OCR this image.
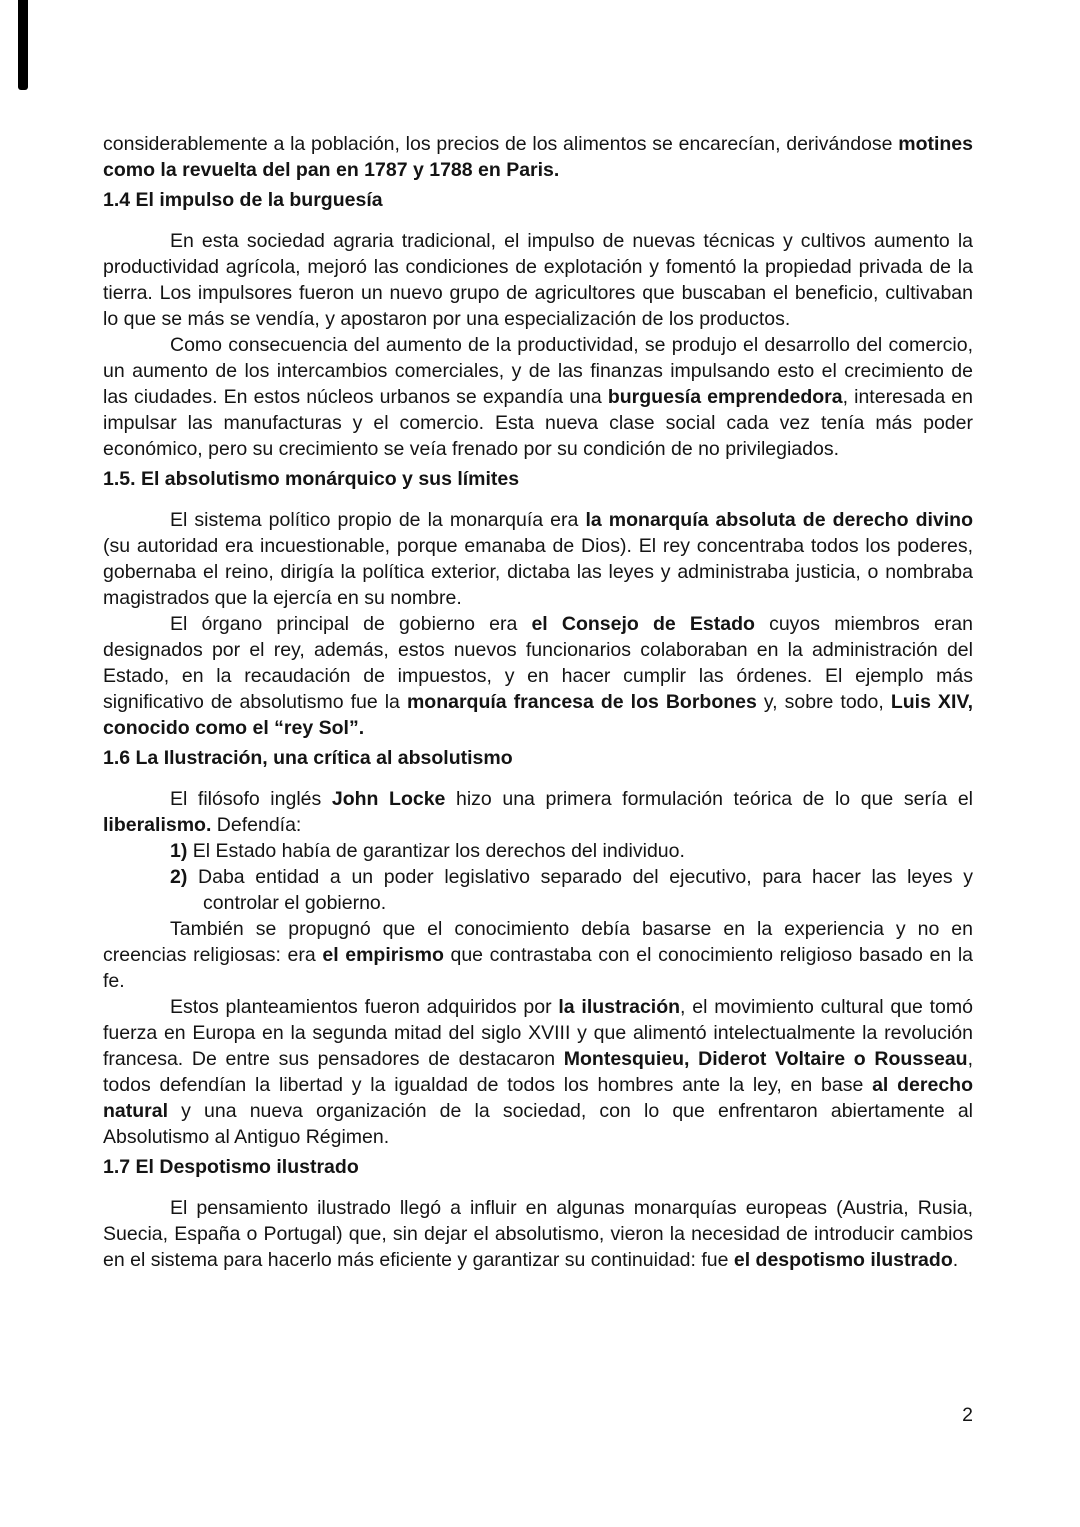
considerablemente a la población, los precios de los alimentos se encarecían, derivándose motines como la revuelta del pan en 1787 y 1788 en Paris.

1.4 El impulso de la burguesía

En esta sociedad agraria tradicional, el impulso de nuevas técnicas y cultivos aumento la productividad agrícola, mejoró las condiciones de explotación y fomentó la propiedad privada de la tierra. Los impulsores fueron un nuevo grupo de agricultores que buscaban el beneficio, cultivaban lo que se más se vendía, y apostaron por una especialización de los productos.

Como consecuencia del aumento de la productividad, se produjo el desarrollo del comercio, un aumento de los intercambios comerciales, y de las finanzas impulsando esto el crecimiento de las ciudades. En estos núcleos urbanos se expandía una burguesía emprendedora, interesada en impulsar las manufacturas y el comercio. Esta nueva clase social cada vez tenía más poder económico, pero su crecimiento se veía frenado por su condición de no privilegiados.

1.5. El absolutismo monárquico y sus límites

El sistema político propio de la monarquía era la monarquía absoluta de derecho divino (su autoridad era incuestionable, porque emanaba de Dios). El rey concentraba todos los poderes, gobernaba el reino, dirigía la política exterior, dictaba las leyes y administraba justicia, o nombraba magistrados que la ejercía en su nombre.

El órgano principal de gobierno era el Consejo de Estado cuyos miembros eran designados por el rey, además, estos nuevos funcionarios colaboraban en la administración del Estado, en la recaudación de impuestos, y en hacer cumplir las órdenes. El ejemplo más significativo de absolutismo fue la monarquía francesa de los Borbones y, sobre todo, Luis XIV, conocido como el “rey Sol”.

1.6 La Ilustración, una crítica al absolutismo

El filósofo inglés John Locke hizo una primera formulación teórica de lo que sería el liberalismo. Defendía:

1) El Estado había de garantizar los derechos del individuo.
2) Daba entidad a un poder legislativo separado del ejecutivo, para hacer las leyes y controlar el gobierno.

También se propugnó que el conocimiento debía basarse en la experiencia y no en creencias religiosas: era el empirismo que contrastaba con el conocimiento religioso basado en la fe.

Estos planteamientos fueron adquiridos por la ilustración, el movimiento cultural que tomó fuerza en Europa en la segunda mitad del siglo XVIII y que alimentó intelectualmente la revolución francesa. De entre sus pensadores de destacaron Montesquieu, Diderot Voltaire o Rousseau, todos defendían la libertad y la igualdad de todos los hombres ante la ley, en base al derecho natural y una nueva organización de la sociedad, con lo que enfrentaron abiertamente al Absolutismo al Antiguo Régimen.

1.7 El Despotismo ilustrado

El pensamiento ilustrado llegó a influir en algunas monarquías europeas (Austria, Rusia, Suecia, España o Portugal) que, sin dejar el absolutismo, vieron la necesidad de introducir cambios en el sistema para hacerlo más eficiente y garantizar su continuidad: fue el despotismo ilustrado.

2
